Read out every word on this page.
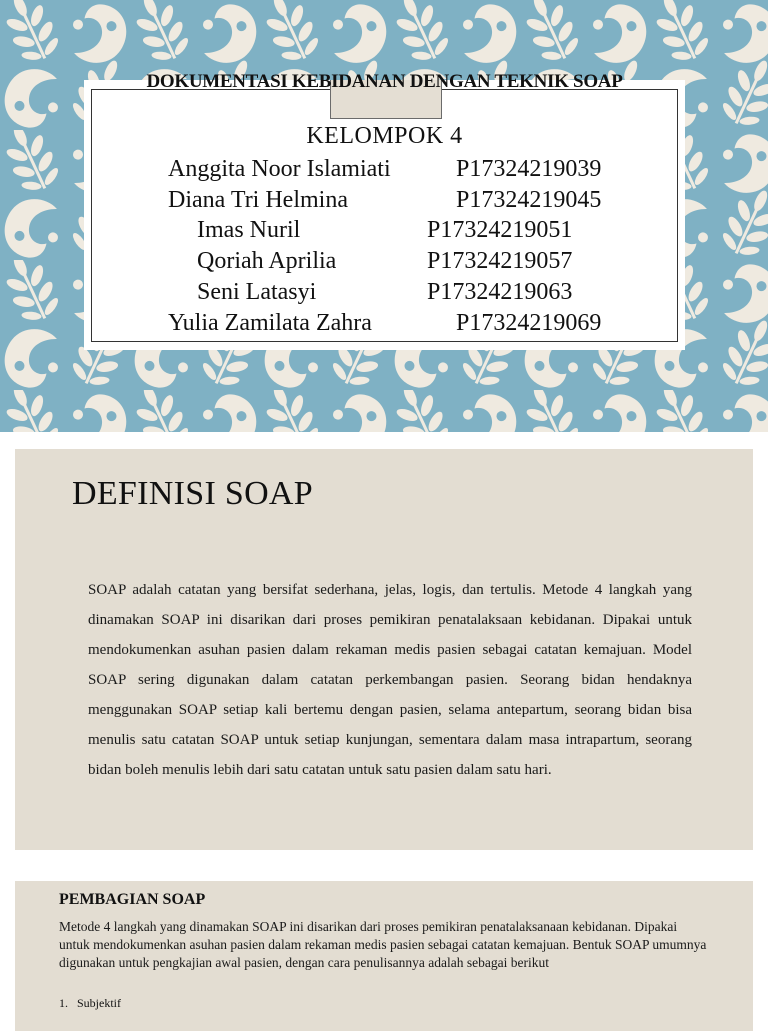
DOKUMENTASI KEBIDANAN DENGAN TEKNIK SOAP
KELOMPOK 4
Anggita Noor Islamiati	P17324219039
Diana Tri Helmina	P17324219045
Imas Nuril	P17324219051
Qoriah Aprilia	P17324219057
Seni Latasyi	P17324219063
Yulia Zamilata Zahra	P17324219069
DEFINISI SOAP

SOAP adalah catatan yang bersifat sederhana, jelas, logis, dan tertulis. Metode 4 langkah yang dinamakan SOAP ini disarikan dari proses pemikiran penatalaksaan kebidanan. Dipakai untuk mendokumenkan asuhan pasien dalam rekaman medis pasien sebagai catatan kemajuan. Model SOAP sering digunakan dalam catatan perkembangan pasien. Seorang bidan hendaknya menggunakan SOAP setiap kali bertemu dengan pasien, selama antepartum, seorang bidan bisa menulis satu catatan SOAP untuk setiap kunjungan, sementara dalam masa intrapartum, seorang bidan boleh menulis lebih dari satu catatan untuk satu pasien dalam satu hari.

PEMBAGIAN SOAP

Metode 4 langkah yang dinamakan SOAP ini disarikan dari proses pemikiran penatalaksanaan kebidanan. Dipakai untuk mendokumenkan asuhan pasien dalam rekaman medis pasien sebagai catatan kemajuan. Bentuk SOAP umumnya digunakan untuk pengkajian awal pasien, dengan cara penulisannya adalah sebagai berikut

1. Subjektif
